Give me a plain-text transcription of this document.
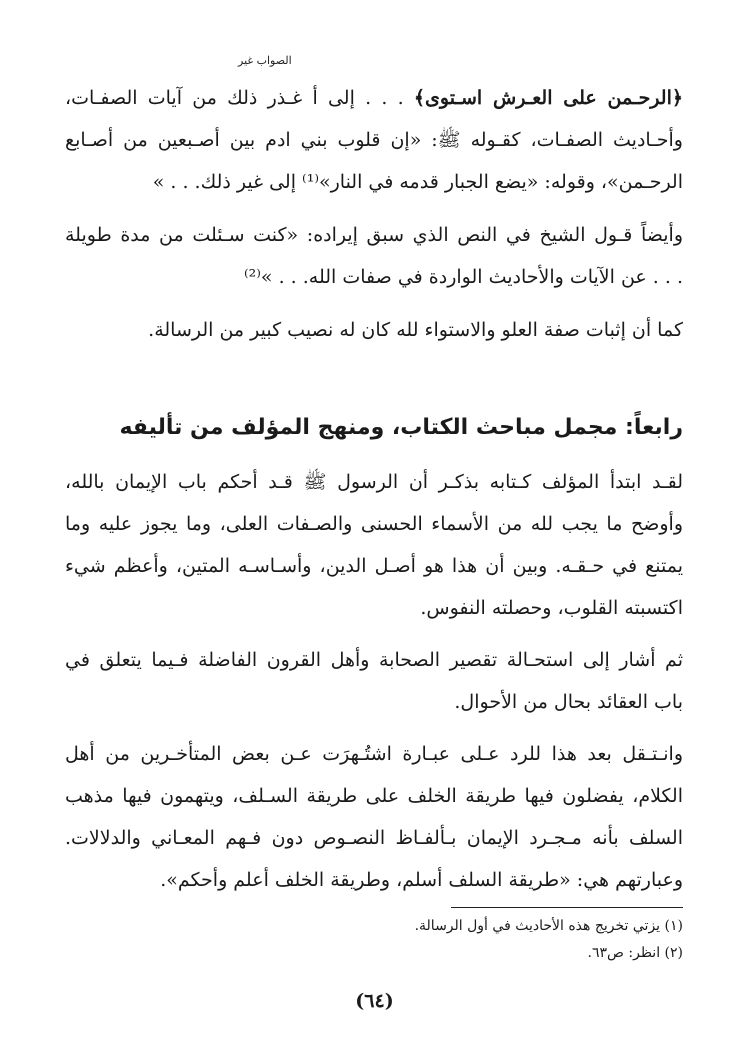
الصواب غير
﴿الرحـمن على العـرش اسـتوى﴾ . . . إلى أ غـذر ذلك من آيات الصفـات،
وأحـاديث الصفـات، كقـوله ﷺ: «إن قلوب بني ادم بين أصـبعين من أصـابع
الرحـمن»، وقوله: «يضع الجبار قدمه في النار»⁽¹⁾ إلى غير ذلك. . . »
وأيضاً قـول الشيخ في النص الذي سبق إيراده: «كنت سـئلت من مدة طويلة
. . . عن الآيات والأحاديث الواردة في صفات الله. . . »⁽²⁾
كما أن إثبات صفة العلو والاستواء لله كان له نصيب كبير من الرسالة.
رابعاً: مجمل مباحث الكتاب، ومنهج المؤلف من تأليفه
لقـد ابتدأ المؤلف كـتابه بذكـر أن الرسول ﷺ قـد أحكم باب الإيمان بالله،
وأوضح ما يجب لله من الأسماء الحسنى والصـفات العلى، وما يجوز عليه وما
يمتنع في حـقـه. وبين أن هذا هو أصـل الدين، وأسـاسـه المتين، وأعظم شيء
اكتسبته القلوب، وحصلته النفوس.
ثم أشار إلى استحـالة تقصير الصحابة وأهل القرون الفاضلة فـيما يتعلق في
باب العقائد بحال من الأحوال.
وانـتـقل بعد هذا للرد عـلى عبـارة اشتُـهرَت عـن بعض المتأخـرين من أهل
الكلام، يفضلون فيها طريقة الخلف على طريقة السـلف، ويتهمون فيها مذهب
السلف بأنه مـجـرد الإيمان بـألفـاظ النصـوص دون فـهم المعـاني والدلالات.
وعبارتهم هي: «طريقة السلف أسلم، وطريقة الخلف أعلم وأحكم».
(١) يزتي تخريج هذه الأحاديث في أول الرسالة.
(٢) انظر: ص٦٣.
(٦٤)
